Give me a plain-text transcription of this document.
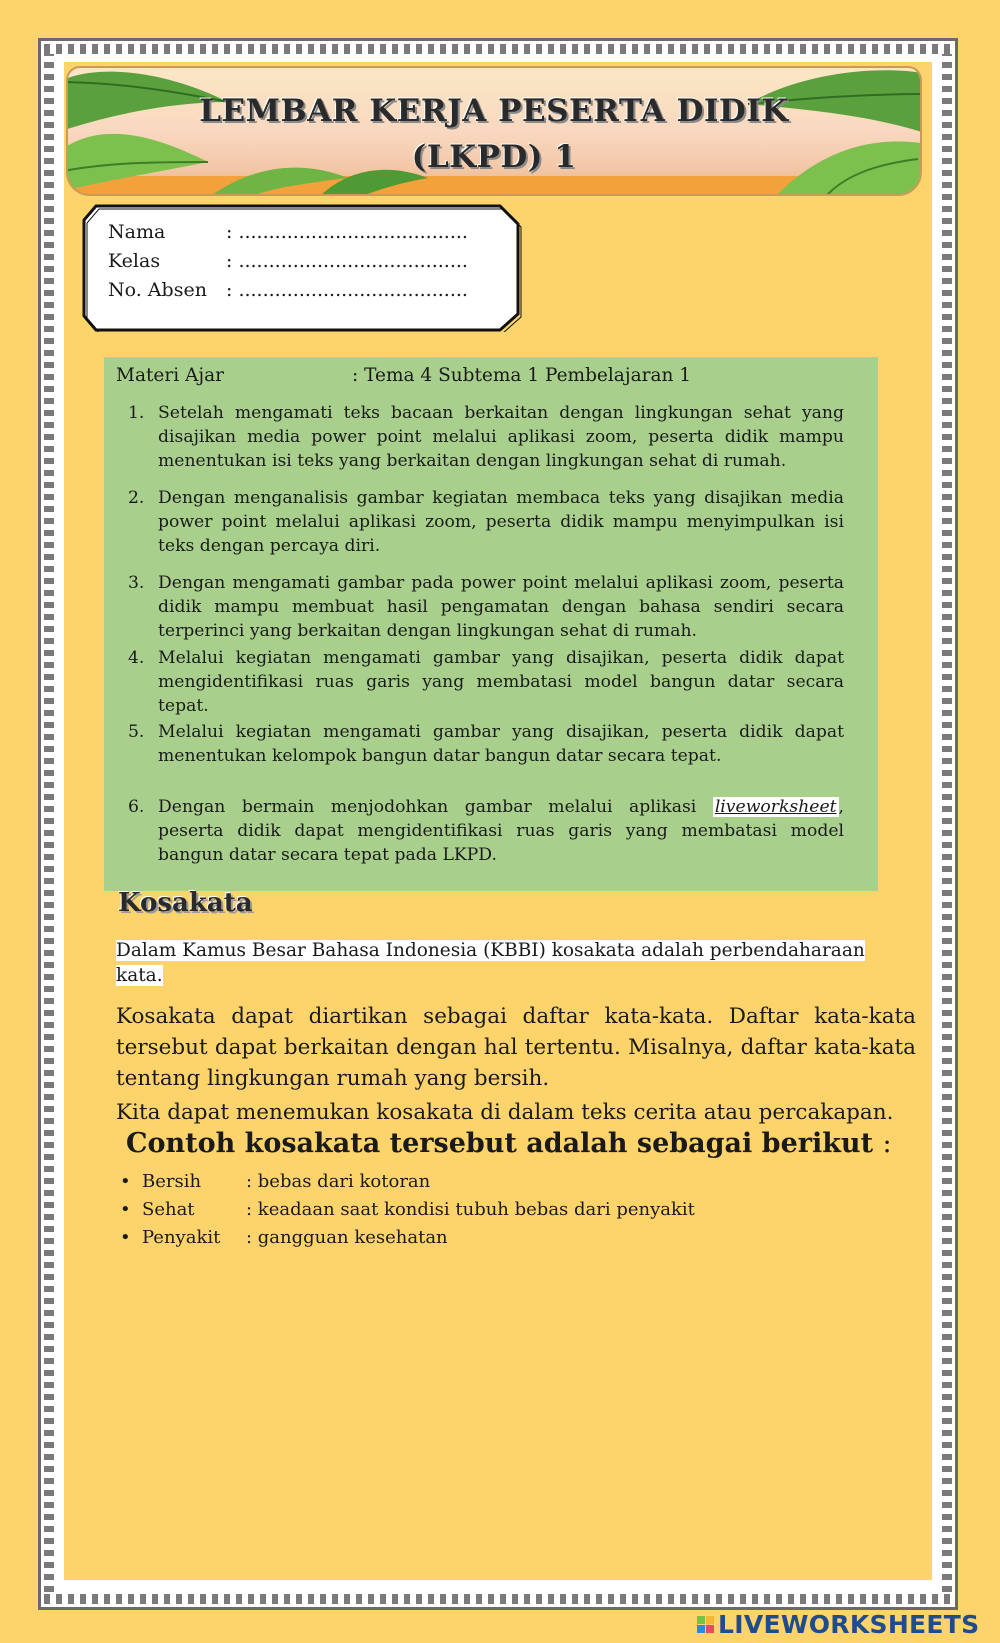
LEMBAR KERJA PESERTA DIDIK
(LKPD) 1
Nama	: ......................................
Kelas	: ......................................
No. Absen : ......................................
Materi Ajar	: Tema 4 Subtema 1 Pembelajaran 1
1. Setelah mengamati teks bacaan berkaitan dengan lingkungan sehat yang disajikan media power point melalui aplikasi zoom, peserta didik mampu menentukan isi teks yang berkaitan dengan lingkungan sehat di rumah.
2. Dengan menganalisis gambar kegiatan membaca teks yang disajikan media power point melalui aplikasi zoom, peserta didik mampu menyimpulkan isi teks dengan percaya diri.
3. Dengan mengamati gambar pada power point melalui aplikasi zoom, peserta didik mampu membuat hasil pengamatan dengan bahasa sendiri secara terperinci yang berkaitan dengan lingkungan sehat di rumah.
4. Melalui kegiatan mengamati gambar yang disajikan, peserta didik dapat mengidentifikasi ruas garis yang membatasi model bangun datar secara tepat.
5. Melalui kegiatan mengamati gambar yang disajikan, peserta didik dapat menentukan kelompok bangun datar bangun datar secara tepat.
6. Dengan bermain menjodohkan gambar melalui aplikasi liveworksheet , peserta didik dapat mengidentifikasi ruas garis yang membatasi model bangun datar secara tepat pada LKPD.
Kosakata
Dalam Kamus Besar Bahasa Indonesia (KBBI) kosakata adalah perbendaharaan kata.
Kosakata dapat diartikan sebagai daftar kata-kata. Daftar kata-kata tersebut dapat berkaitan dengan hal tertentu. Misalnya, daftar kata-kata tentang lingkungan rumah yang bersih.
Kita dapat menemukan kosakata di dalam teks cerita atau percakapan.
Contoh kosakata tersebut adalah sebagai berikut :
• Bersih : bebas dari kotoran
• Sehat	: keadaan saat kondisi tubuh bebas dari penyakit
• Penyakit : gangguan kesehatan
LIVEWORKSHEETS
